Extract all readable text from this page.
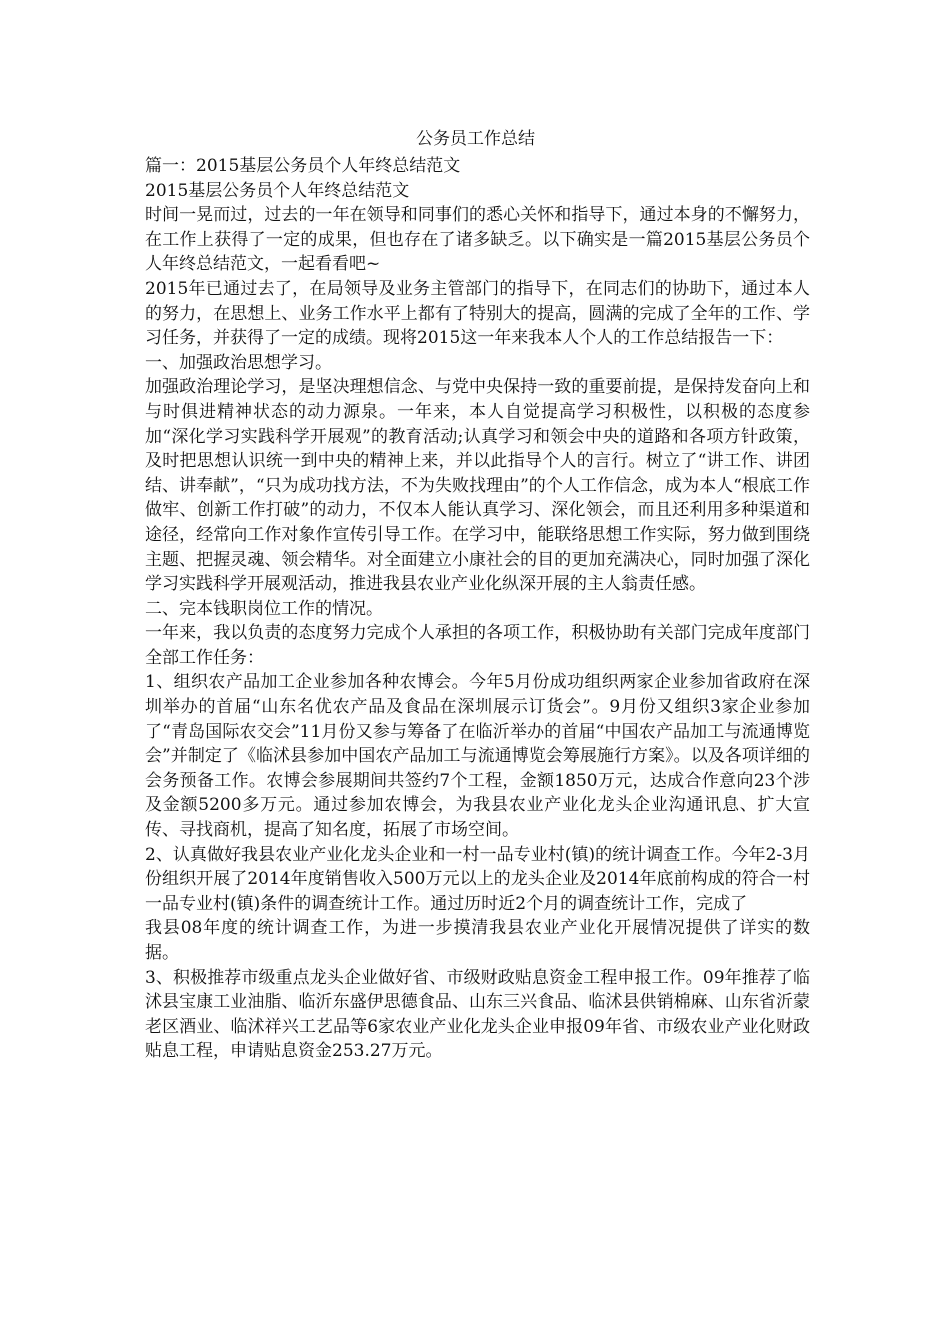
公务员工作总结

篇一：2015基层公务员个人年终总结范文

2015基层公务员个人年终总结范文

时间一晃而过，过去的一年在领导和同事们的悉心关怀和指导下，通过本身的不懈努力，在工作上获得了一定的成果，但也存在了诸多缺乏。以下确实是一篇2015基层公务员个人年终总结范文，一起看看吧~

2015年已通过去了，在局领导及业务主管部门的指导下，在同志们的协助下，通过本人的努力，在思想上、业务工作水平上都有了特别大的提高，圆满的完成了全年的工作、学习任务，并获得了一定的成绩。现将2015这一年来我本人个人的工作总结报告一下：

一、加强政治思想学习。

加强政治理论学习，是坚决理想信念、与党中央保持一致的重要前提，是保持发奋向上和与时俱进精神状态的动力源泉。一年来，本人自觉提高学习积极性，以积极的态度参加“深化学习实践科学开展观”的教育活动;认真学习和领会中央的道路和各项方针政策，及时把思想认识统一到中央的精神上来，并以此指导个人的言行。树立了“讲工作、讲团结、讲奉献”，“只为成功找方法，不为失败找理由”的个人工作信念，成为本人“根底工作做牢、创新工作打破”的动力，不仅本人能认真学习、深化领会，而且还利用多种渠道和途径，经常向工作对象作宣传引导工作。在学习中，能联络思想工作实际，努力做到围绕主题、把握灵魂、领会精华。对全面建立小康社会的目的更加充满决心，同时加强了深化学习实践科学开展观活动，推进我县农业产业化纵深开展的主人翁责任感。

二、完本钱职岗位工作的情况。

一年来，我以负责的态度努力完成个人承担的各项工作，积极协助有关部门完成年度部门全部工作任务：

1、组织农产品加工企业参加各种农博会。今年5月份成功组织两家企业参加省政府在深圳举办的首届“山东名优农产品及食品在深圳展示订货会”。9月份又组织3家企业参加了“青岛国际农交会”11月份又参与筹备了在临沂举办的首届“中国农产品加工与流通博览会”并制定了《临沭县参加中国农产品加工与流通博览会筹展施行方案》。以及各项详细的会务预备工作。农博会参展期间共签约7个工程，金额1850万元，达成合作意向23个涉及金额5200多万元。通过参加农博会，为我县农业产业化龙头企业沟通讯息、扩大宣传、寻找商机，提高了知名度，拓展了市场空间。

2、认真做好我县农业产业化龙头企业和一村一品专业村(镇)的统计调查工作。今年2-3月份组织开展了2014年度销售收入500万元以上的龙头企业及2014年底前构成的符合一村一品专业村(镇)条件的调查统计工作。通过历时近2个月的调查统计工作，完成了

我县08年度的统计调查工作，为进一步摸清我县农业产业化开展情况提供了详实的数据。

3、积极推荐市级重点龙头企业做好省、市级财政贴息资金工程申报工作。09年推荐了临沭县宝康工业油脂、临沂东盛伊思德食品、山东三兴食品、临沭县供销棉麻、山东省沂蒙老区酒业、临沭祥兴工艺品等6家农业产业化龙头企业申报09年省、市级农业产业化财政贴息工程，申请贴息资金253.27万元。
